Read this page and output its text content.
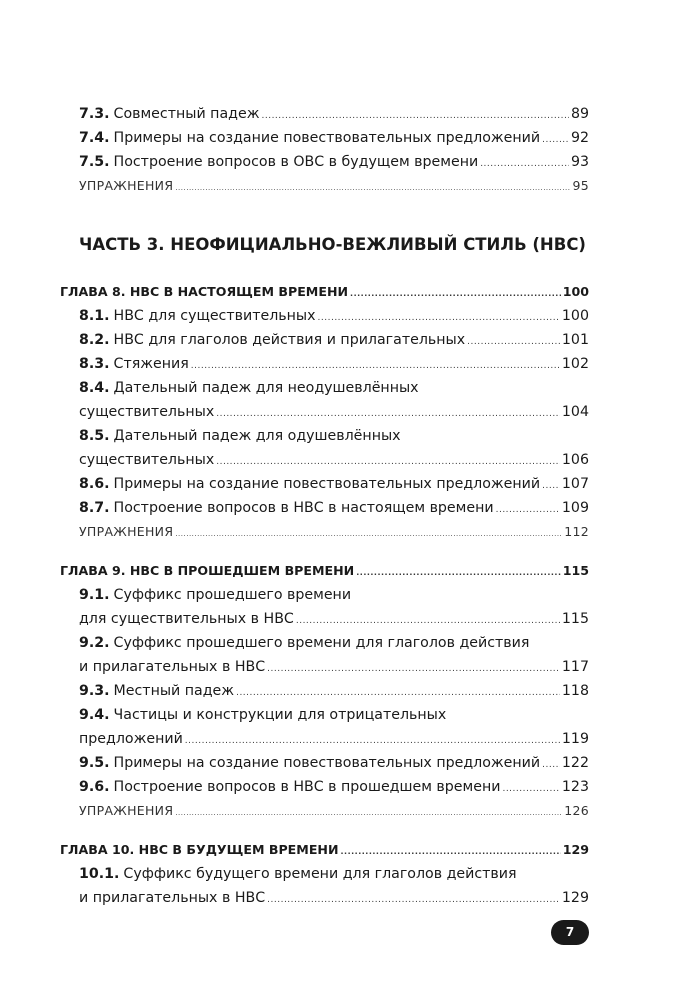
7.3. Совместный падеж .....	89
7.4. Примеры на создание повествовательных предложений ..... 92
7.5. Построение вопросов в ОВС в будущем времени .....	93
УПРАЖНЕНИЯ .....	95
ЧАСТЬ 3. НЕОФИЦИАЛЬНО-ВЕЖЛИВЫЙ СТИЛЬ (НВС)
ГЛАВА 8. НВС В НАСТОЯЩЕМ ВРЕМЕНИ .....	100
8.1. НВС для существительных .....	100
8.2. НВС для глаголов действия и прилагательных .....	101
8.3. Стяжения .....	102
8.4. Дательный падеж для неодушевлённых
существительных .....	104
8.5. Дательный падеж для одушевлённых
существительных .....	106
8.6. Примеры на создание повествовательных предложений ..... 107
8.7. Построение вопросов в НВС в настоящем времени .....	109
УПРАЖНЕНИЯ .....	112
ГЛАВА 9. НВС В ПРОШЕДШЕМ ВРЕМЕНИ .....	115
9.1. Суффикс прошедшего времени
для существительных в НВС .....	115
9.2. Суффикс прошедшего времени для глаголов действия
и прилагательных в НВС .....	117
9.3. Местный падеж .....	118
9.4. Частицы и конструкции для отрицательных
предложений .....	119
9.5. Примеры на создание повествовательных предложений ..... 122
9.6. Построение вопросов в НВС в прошедшем времени .....	123
УПРАЖНЕНИЯ .....	126
ГЛАВА 10. НВС В БУДУЩЕМ ВРЕМЕНИ .....	129
10.1. Суффикс будущего времени для глаголов действия
и прилагательных в НВС .....	129
7
